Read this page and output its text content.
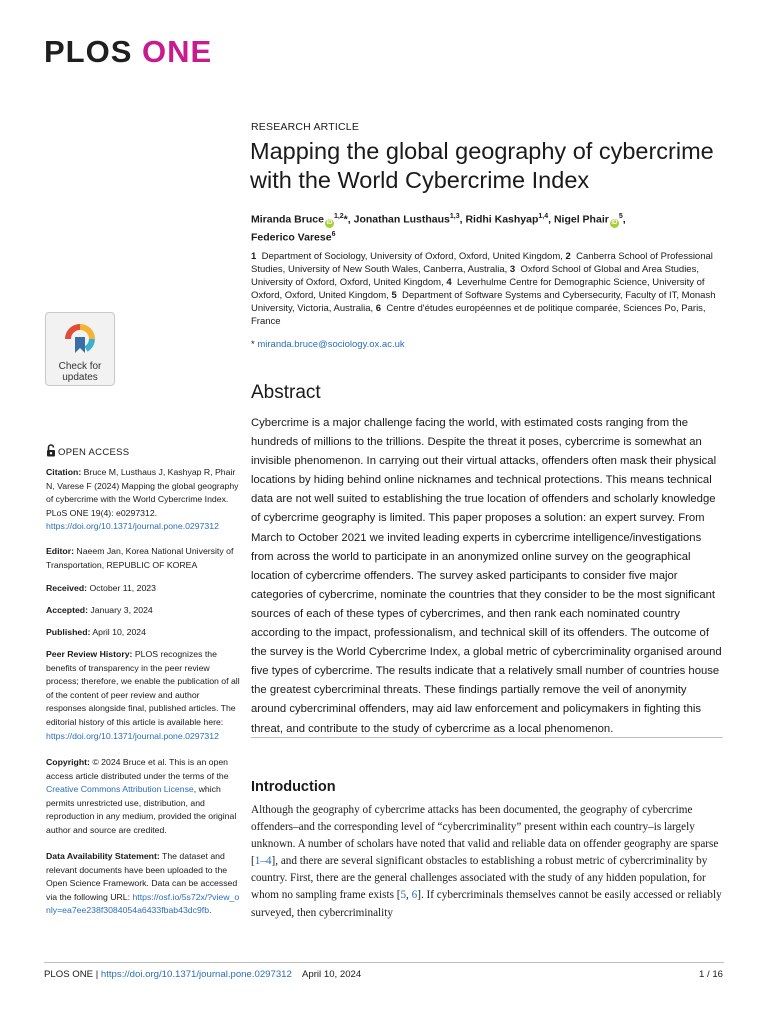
PLOS ONE
RESEARCH ARTICLE
Mapping the global geography of cybercrime with the World Cybercrime Index
Miranda Bruce iD$^{1,2}$*, Jonathan Lusthaus$^{1,3}$, Ridhi Kashyap$^{1,4}$, Nigel Phair $iD^5$,
Federico Varese$^6$
1 Department of Sociology, University of Oxford, Oxford, United Kingdom, 2 Canberra School of Professional Studies, University of New South Wales, Canberra, Australia, 3 Oxford School of Global and Area Studies, University of Oxford, Oxford, United Kingdom, 4 Leverhulme Centre for Demographic Science, University of Oxford, Oxford, United Kingdom, 5 Department of Software Systems and Cybersecurity, Faculty of IT, Monash University, Victoria, Australia, 6 Centre d'études européennes et de politique comparée, Sciences Po, Paris, France
* miranda.bruce@sociology.ox.ac.uk
Check for
updates
OPEN ACCESS
Citation: Bruce M, Lusthaus J, Kashyap R, Phair N, Varese F (2024) Mapping the global geography of cybercrime with the World Cybercrime Index. PLoS ONE 19(4): e0297312. https://doi.org/10.1371/journal.pone.0297312
Editor: Naeem Jan, Korea National University of Transportation, REPUBLIC OF KOREA
Received: October 11, 2023
Accepted: January 3, 2024
Published: April 10, 2024
Peer Review History: PLOS recognizes the benefits of transparency in the peer review process; therefore, we enable the publication of all of the content of peer review and author responses alongside final, published articles. The editorial history of this article is available here: https://doi.org/10.1371/journal.pone.0297312
Copyright: © 2024 Bruce et al. This is an open access article distributed under the terms of the Creative Commons Attribution License, which permits unrestricted use, distribution, and reproduction in any medium, provided the original author and source are credited.
Data Availability Statement: The dataset and relevant documents have been uploaded to the Open Science Framework. Data can be accessed via the following URL: https://osf.io/5s72x/?view_only=ea7ee238f3084054a6433fbab43dc9fb.
Abstract
Cybercrime is a major challenge facing the world, with estimated costs ranging from the hundreds of millions to the trillions. Despite the threat it poses, cybercrime is somewhat an invisible phenomenon. In carrying out their virtual attacks, offenders often mask their physical locations by hiding behind online nicknames and technical protections. This means technical data are not well suited to establishing the true location of offenders and scholarly knowledge of cybercrime geography is limited. This paper proposes a solution: an expert survey. From March to October 2021 we invited leading experts in cybercrime intelligence/investigations from across the world to participate in an anonymized online survey on the geographical location of cybercrime offenders. The survey asked participants to consider five major categories of cybercrime, nominate the countries that they consider to be the most significant sources of each of these types of cybercrimes, and then rank each nominated country according to the impact, professionalism, and technical skill of its offenders. The outcome of the survey is the World Cybercrime Index, a global metric of cybercriminality organised around five types of cybercrime. The results indicate that a relatively small number of countries house the greatest cybercriminal threats. These findings partially remove the veil of anonymity around cybercriminal offenders, may aid law enforcement and policymakers in fighting this threat, and contribute to the study of cybercrime as a local phenomenon.
Introduction
Although the geography of cybercrime attacks has been documented, the geography of cybercrime offenders–and the corresponding level of “cybercriminality” present within each country–is largely unknown. A number of scholars have noted that valid and reliable data on offender geography are sparse [1–4], and there are several significant obstacles to establishing a robust metric of cybercriminality by country. First, there are the general challenges associated with the study of any hidden population, for whom no sampling frame exists [5, 6]. If cybercriminals themselves cannot be easily accessed or reliably surveyed, then cybercriminality
PLOS ONE | https://doi.org/10.1371/journal.pone.0297312 April 10, 2024	1 / 16
